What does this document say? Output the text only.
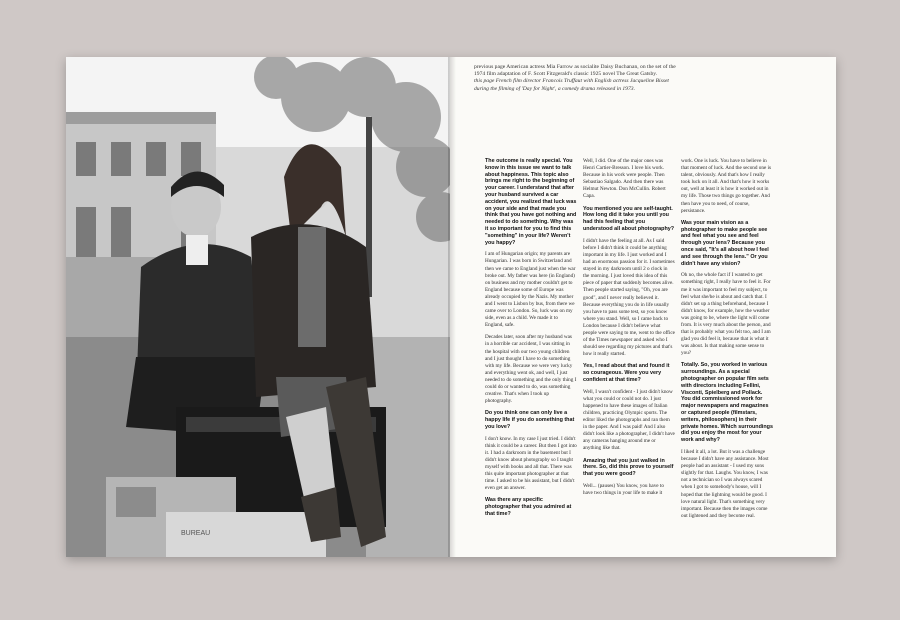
BUREAU
previous page American actress Mia Farrow as socialite Daisy Buchanan, on the set of the 1974 film adaptation of F. Scott Fitzgerald's classic 1925 novel The Great Gatsby.
this page French film director Francois Truffaut with English actress Jacqueline Bisset during the filming of 'Day for Night', a comedy drama released in 1973.

The outcome is really special. You know in this issue we want to talk about happiness. This topic also brings me right to the beginning of your career. I understand that after your husband survived a car accident, you realized that luck was on your side and that made you think that you have got nothing and needed to do something. Why was it so important for you to find this "something" in your life? Weren't you happy?

I am of Hungarian origin; my parents are Hungarian. I was born in Switzerland and then we came to England just when the war broke out. My father was here (in England) on business and my mother couldn't get to England because some of Europe was already occupied by the Nazis. My mother and I went to Lisbon by bus, from there we came over to London. So, luck was on my side, even as a child. We made it to England, safe.

Decades later, soon after my husband was in a horrible car accident, I was sitting in the hospital with our two young children and I just thought I have to do something with my life. Because we were very lucky and everything went ok, and well, I just needed to do something and the only thing I could do or wanted to do, was something creative. That's when I took up photography.

Do you think one can only live a happy life if you do something that you love?

I don't know. In my case I just tried. I didn't think it could be a career. But then I got into it. I had a darkroom in the basement but I didn't know about photography so I taught myself with books and all that. There was this quite important photographer at that time. I asked to be his assistant, but I didn't even get an answer.

Was there any specific photographer that you admired at that time?

Well, I did. One of the major ones was Henri Cartier-Bresson. I love his work. Because in his work were people. Then Sebastiao Salgado. And then there was Helmut Newton. Don McCullin. Robert Capa.

You mentioned you are self-taught. How long did it take you until you had this feeling that you understood all about photography?

I didn't have the feeling at all. As I said before I didn't think it could be anything important in my life. I just worked and I had an enormous passion for it. I sometimes stayed in my darkroom until 2 o clock in the morning. I just loved this idea of this piece of paper that suddenly becomes alive. Then people started saying, "Oh, you are good", and I never really believed it. Because everything you do in life usually you have to pass some test, so you know where you stand. Well, so I came back to London because I didn't believe what people were saying to me, went to the office of the Times newspaper and asked who I should see regarding my pictures and that's how it really started.

Yes, I read about that and found it so courageous. Were you very confident at that time?

Well, I wasn't confident - I just didn't know what you could or could not do. I just happened to have these images of Italian children, practicing Olympic sports. The editor liked the photographs and ran them in the paper. And I was paid! And I also didn't look like a photographer, I didn't have any cameras hanging around me or anything like that.

Amazing that you just walked in there. So, did this prove to yourself that you were good?

Well... (pauses) You know, you have to have two things in your life to make it

work. One is luck. You have to believe in that moment of luck. And the second one is talent, obviously. And that's how I really took luck on it all. And that's how it works out, well at least it is how it worked out in my life. Those two things go together. And then have you to need, of course, persistance.

Was your main vision as a photographer to make people see and feel what you see and feel through your lens? Because you once said, "It's all about how I feel and see through the lens." Or you didn't have any vision?

Oh no, the whole fact if I wanted to get something right, I really have to feel it. For me it was important to feel my subject, to feel what she/he is about and catch that. I didn't set up a thing beforehand, because I didn't know, for example, how the weather was going to be, where the light will come from. It is very much about the person, and that is probably what you felt too, and I am glad you did feel it, because that is what it was about. Is that making some sense to you?

Totally. So, you worked in various surroundings. As a special photographer on popular film sets with directors including Fellini, Visconti, Spielberg and Pollack. You did commissioned work for major newspapers and magazines or captured people (filmstars, writers, philosophers) in their private homes. Which surroundings did you enjoy the most for your work and why?

I liked it all, a lot. But it was a challenge because I didn't have any assistance. Most people had an assistant - I used my sons slightly for that. Laughs. You know, I was not a technician so I was always scared when I got to somebody's house, will I hoped that the lightning would be good. I love natural light. That's something very important. Because then the images come out lightened and they become real.
